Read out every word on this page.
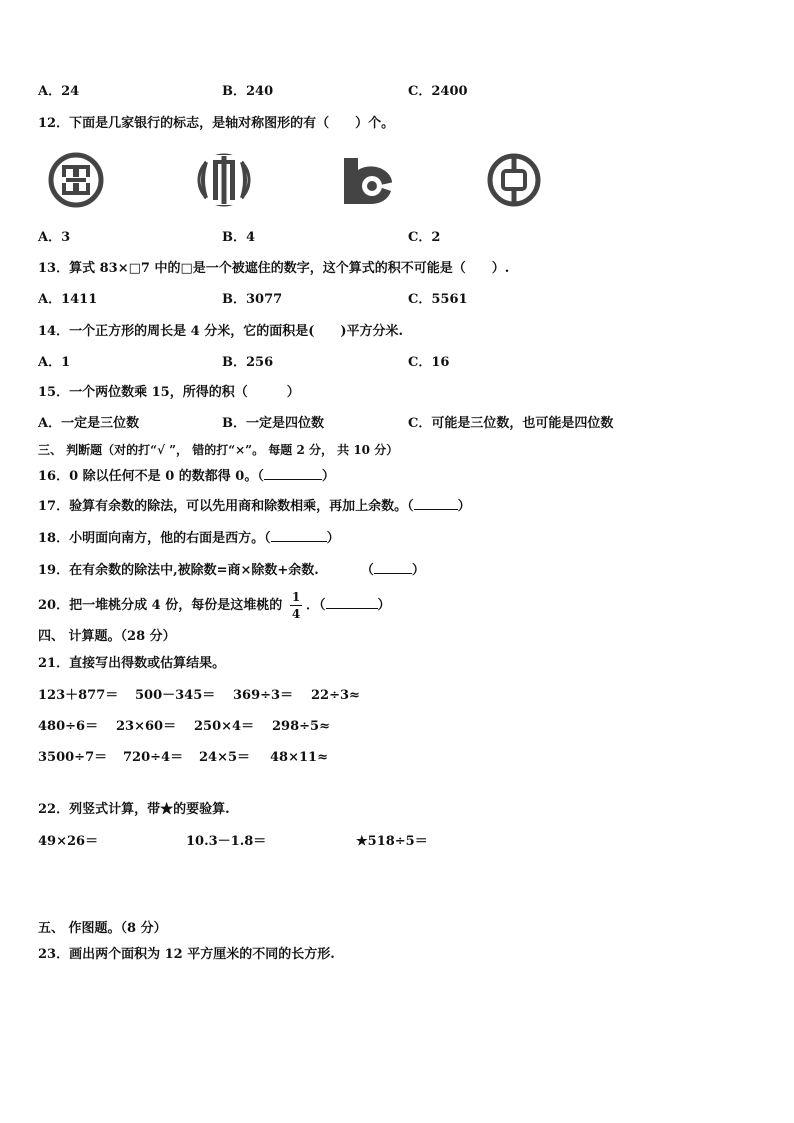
A．24	B．240	C．2400
12．下面是几家银行的标志，是轴对称图形的有（　　）个。
A．3	B．4	C．2
13．算式 83×□7 中的□是一个被遮住的数字，这个算式的积不可能是（　　）.
A．1411	B．3077	C．5561
14．一个正方形的周长是 4 分米，它的面积是(　　)平方分米.
A．1	B．256	C．16
15．一个两位数乘 15，所得的积（　　　）
A．一定是三位数	B．一定是四位数	C．可能是三位数，也可能是四位数
三、 判断题（对的打“√ ”， 错的打“×”。 每题 2 分， 共 10 分）
16．0 除以任何不是 0 的数都得 0。（	）
17．验算有余数的除法，可以先用商和除数相乘，再加上余数。（	）
18．小明面向南方，他的右面是西方。（	）
19．在有余数的除法中,被除数=商×除数+余数.	（	）
20．把一堆桃分成 4 份，每份是这堆桃的
1
4
．（	）
四、 计算题。（28 分）
21．直接写出得数或估算结果。
123＋877＝ 500－345＝ 369÷3＝ 22÷3≈
480÷6＝ 23×60＝ 250×4＝ 298÷5≈
3500÷7＝ 720÷4＝ 24×5＝ 48×11≈
22．列竖式计算，带★的要验算.
49×26＝	10.3－1.8＝	★518÷5＝
五、 作图题。（8 分）
23．画出两个面积为 12 平方厘米的不同的长方形.
